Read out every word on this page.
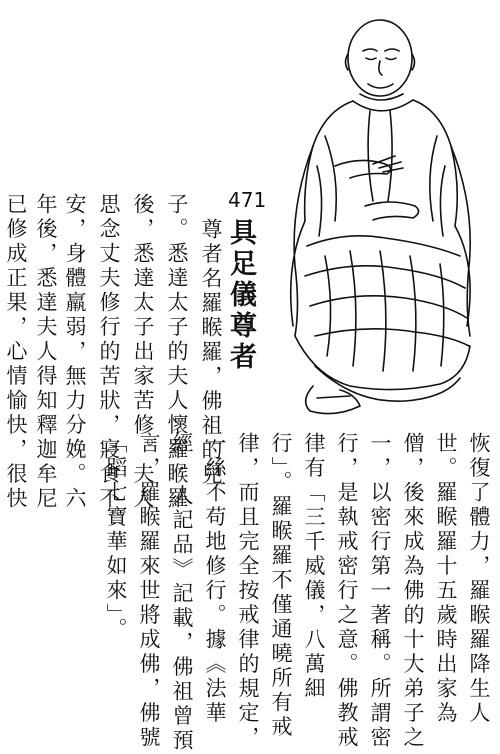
471
具足儀尊者
尊者名羅睺羅，佛祖的兒
子。悉達太子的夫人懷羅睺羅
後，悉達太子出家苦修。夫人
思念丈夫修行的苦狀，寢食不
安，身體羸弱，無力分娩。六
年後，悉達夫人得知釋迦牟尼
已修成正果，心情愉快，很快
恢復了體力，羅睺羅降生人
世。羅睺羅十五歲時出家為
僧，後來成為佛的十大弟子之
一，以密行第一著稱。所謂密
行，是執戒密行之意。佛教戒
律有「三千威儀，八萬細
行」。羅睺羅不僅通曉所有戒
律，而且完全按戒律的規定，
一絲不苟地修行。據《法華
經·人記品》記載，佛祖曾預
言，羅睺羅來世將成佛，佛號
「蹈七寶華如來」。
